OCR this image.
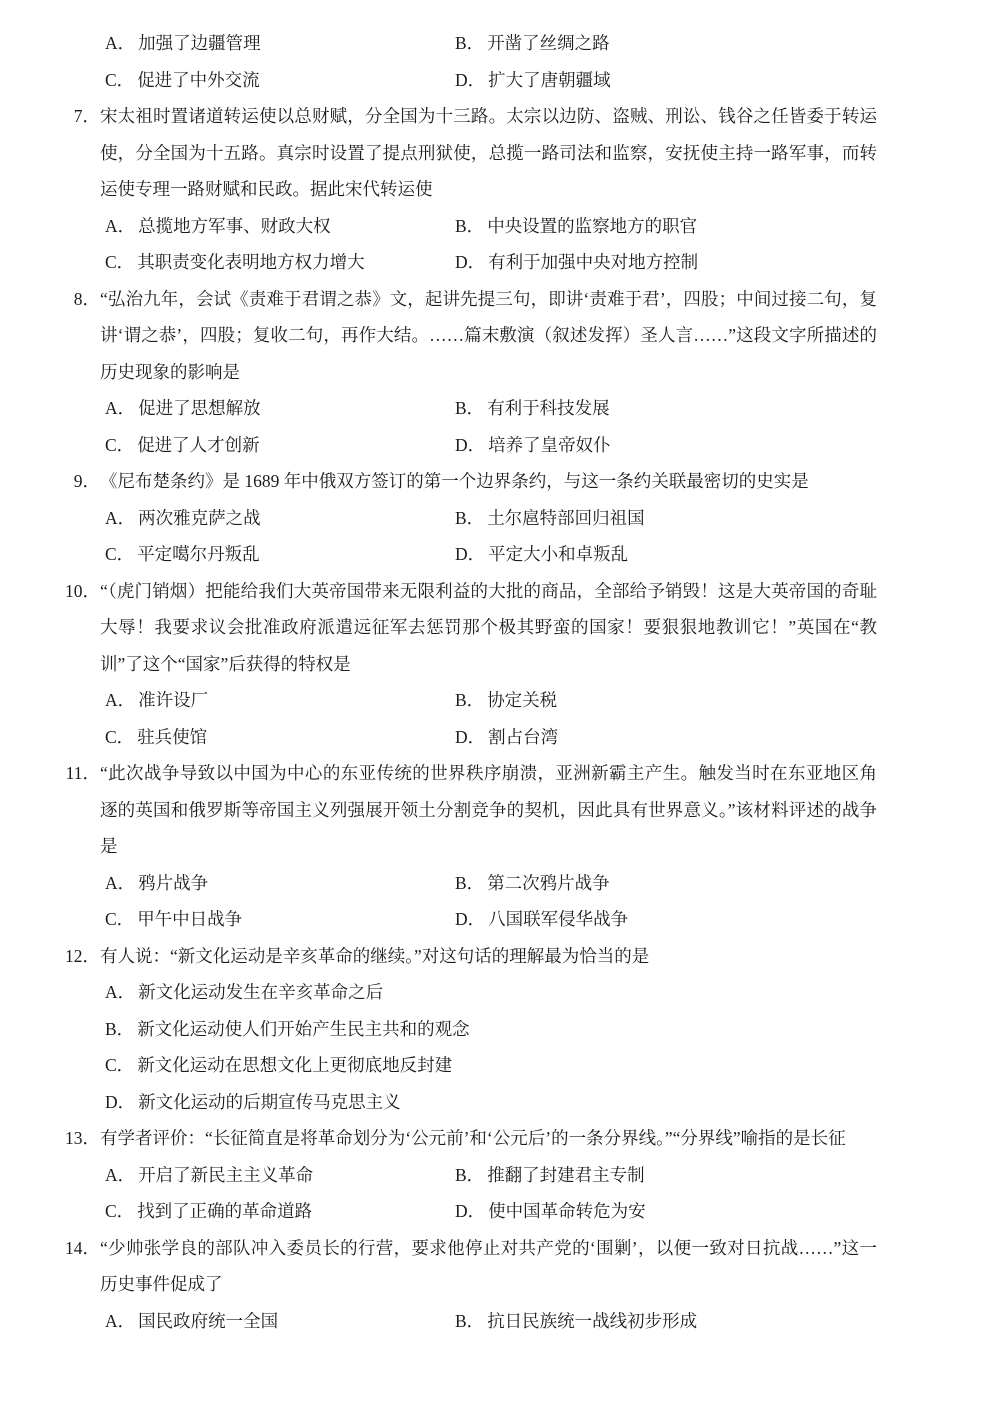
A． 加强了边疆管理	B． 开凿了丝绸之路
C． 促进了中外交流	D． 扩大了唐朝疆域
7． 宋太祖时置诸道转运使以总财赋，分全国为十三路。太宗以边防、盗贼、刑讼、钱谷之任皆委于转运使，分全国为十五路。真宗时设置了提点刑狱使，总揽一路司法和监察，安抚使主持一路军事，而转运使专理一路财赋和民政。据此宋代转运使
A． 总揽地方军事、财政大权	B． 中央设置的监察地方的职官
C． 其职责变化表明地方权力增大	D． 有利于加强中央对地方控制
8． “弘治九年，会试《责难于君谓之恭》文，起讲先提三句，即讲‘责难于君’，四股；中间过接二句，复讲‘谓之恭’，四股；复收二句，再作大结。……篇末敷演（叙述发挥）圣人言……”这段文字所描述的历史现象的影响是
A． 促进了思想解放	B． 有利于科技发展
C． 促进了人才创新	D． 培养了皇帝奴仆
9． 《尼布楚条约》是 1689 年中俄双方签订的第一个边界条约，与这一条约关联最密切的史实是
A． 两次雅克萨之战	B． 土尔扈特部回归祖国
C． 平定噶尔丹叛乱	D． 平定大小和卓叛乱
10． “（虎门销烟）把能给我们大英帝国带来无限利益的大批的商品，全部给予销毁！这是大英帝国的奇耻大辱！我要求议会批准政府派遣远征军去惩罚那个极其野蛮的国家！要狠狠地教训它！”英国在“教训”了这个“国家”后获得的特权是
A． 准许设厂	B． 协定关税
C． 驻兵使馆	D． 割占台湾
11． “此次战争导致以中国为中心的东亚传统的世界秩序崩溃，亚洲新霸主产生。触发当时在东亚地区角逐的英国和俄罗斯等帝国主义列强展开领土分割竞争的契机，因此具有世界意义。”该材料评述的战争是
A． 鸦片战争	B． 第二次鸦片战争
C． 甲午中日战争	D． 八国联军侵华战争
12． 有人说：“新文化运动是辛亥革命的继续。”对这句话的理解最为恰当的是
A． 新文化运动发生在辛亥革命之后
B． 新文化运动使人们开始产生民主共和的观念
C． 新文化运动在思想文化上更彻底地反封建
D． 新文化运动的后期宣传马克思主义
13． 有学者评价：“长征简直是将革命划分为‘公元前’和‘公元后’的一条分界线。”“分界线”喻指的是长征
A． 开启了新民主主义革命	B． 推翻了封建君主专制
C． 找到了正确的革命道路	D． 使中国革命转危为安
14． “少帅张学良的部队冲入委员长的行营，要求他停止对共产党的‘围剿’，以便一致对日抗战……”这一历史事件促成了
A． 国民政府统一全国	B． 抗日民族统一战线初步形成
